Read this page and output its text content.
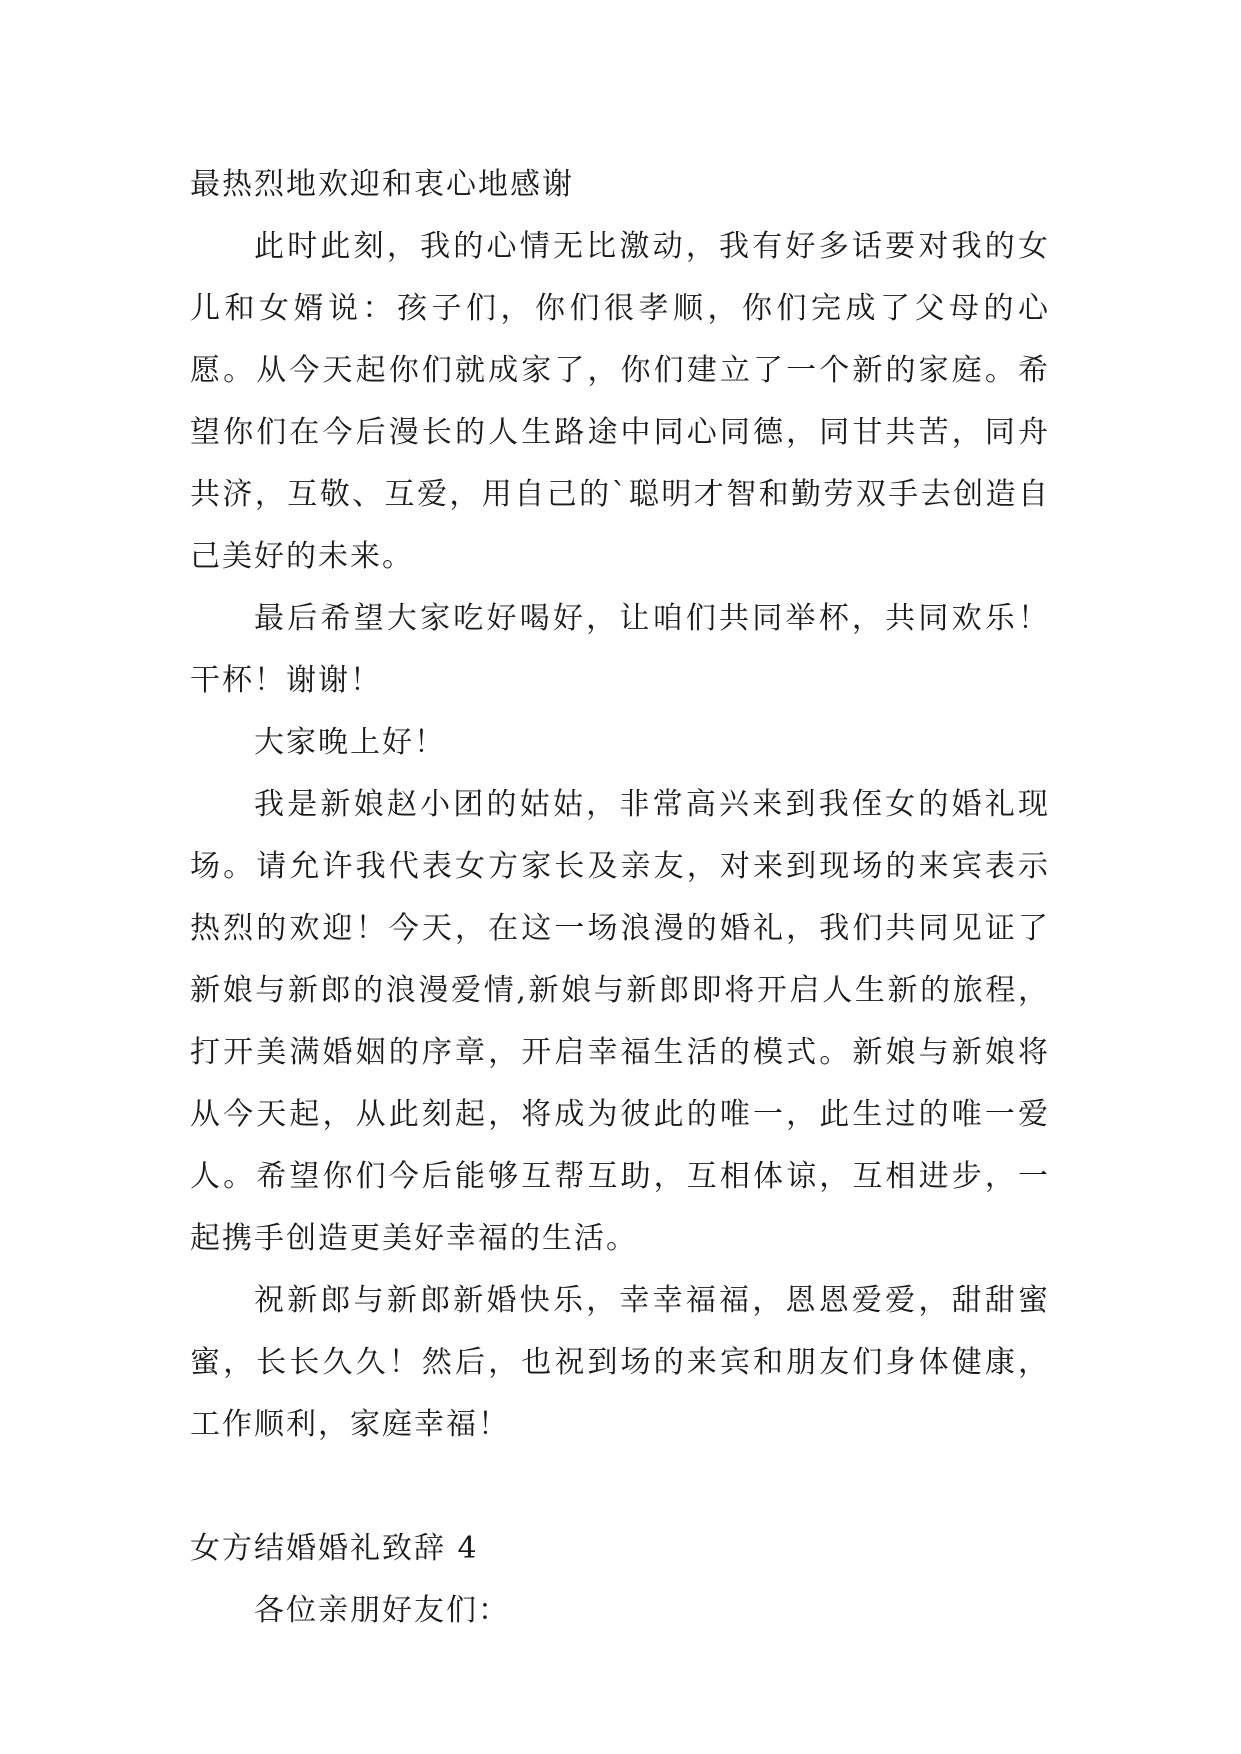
最热烈地欢迎和衷心地感谢

此时此刻，我的心情无比激动，我有好多话要对我的女儿和女婿说：孩子们，你们很孝顺，你们完成了父母的心愿。从今天起你们就成家了，你们建立了一个新的家庭。希望你们在今后漫长的人生路途中同心同德，同甘共苦，同舟共济，互敬、互爱，用自己的`聪明才智和勤劳双手去创造自己美好的未来。

最后希望大家吃好喝好，让咱们共同举杯，共同欢乐！干杯！谢谢！

大家晚上好！

我是新娘赵小团的姑姑，非常高兴来到我侄女的婚礼现场。请允许我代表女方家长及亲友，对来到现场的来宾表示热烈的欢迎！今天，在这一场浪漫的婚礼，我们共同见证了新娘与新郎的浪漫爱情,新娘与新郎即将开启人生新的旅程，打开美满婚姻的序章，开启幸福生活的模式。新娘与新娘将从今天起，从此刻起，将成为彼此的唯一，此生过的唯一爱人。希望你们今后能够互帮互助，互相体谅，互相进步，一起携手创造更美好幸福的生活。

祝新郎与新郎新婚快乐，幸幸福福，恩恩爱爱，甜甜蜜蜜，长长久久！然后，也祝到场的来宾和朋友们身体健康，工作顺利，家庭幸福！

女方结婚婚礼致辞 4

各位亲朋好友们：
